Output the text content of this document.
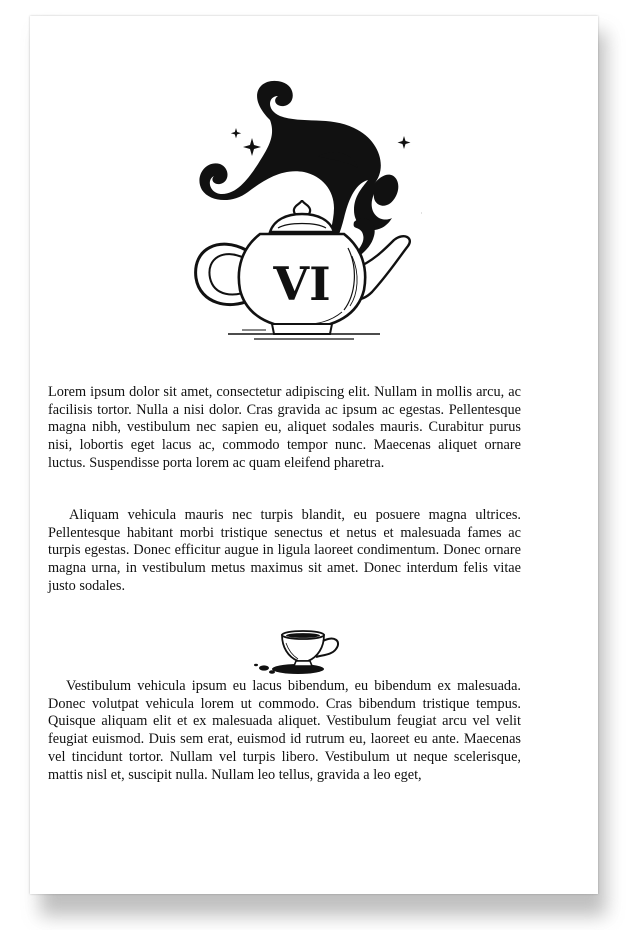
VI

Lorem ipsum dolor sit amet, consectetur adipiscing elit. Nullam in mollis arcu, ac facilisis tortor. Nulla a nisi dolor. Cras gravida ac ipsum ac egestas. Pellentesque magna nibh, vestibulum nec sapien eu, aliquet sodales mauris. Curabitur purus nisi, lobortis eget lacus ac, commodo tempor nunc. Maecenas aliquet ornare luctus. Suspendisse porta lorem ac quam eleifend pharetra.

Aliquam vehicula mauris nec turpis blandit, eu posuere magna ultrices. Pellentesque habitant morbi tristique senectus et netus et malesuada fames ac turpis egestas. Donec efficitur augue in ligula laoreet condimentum. Donec ornare magna urna, in vestibulum metus maximus sit amet. Donec interdum felis vitae justo sodales.

Vestibulum vehicula ipsum eu lacus bibendum, eu bibendum ex malesuada. Donec volutpat vehicula lorem ut commodo. Cras bibendum tristique tempus. Quisque aliquam elit et ex malesuada aliquet. Vestibulum feugiat arcu vel velit feugiat euismod. Duis sem erat, euismod id rutrum eu, laoreet eu ante. Maecenas vel tincidunt tortor. Nullam vel turpis libero. Vestibulum ut neque scelerisque, mattis nisl et, suscipit nulla. Nullam leo tellus, gravida a leo eget,
